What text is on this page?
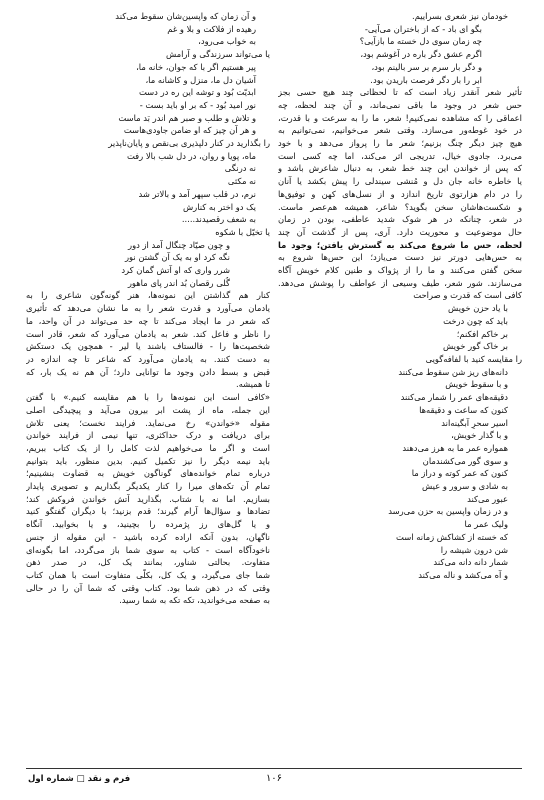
خودمان نیز شعری بسراییم.
بگو ای باد - که از باختران می‌آیی-
چه زمان سوی دل خسته ما بازآیی؟
اگرم عشق دگر باره در آغوشم بود،
و دگر بار سرم بر سر بالینم بود،
ابر را بار دگر فرصت باریدن بود.
تأثیر شعر آنقدر زیاد است که تا لحظاتی چند هیچ حسی بجز
حس شعر در وجود ما باقی نمی‌ماند، و آن چند لحظه، چه
اعماقی را که مشاهده نمی‌کنیم! شعر، ما را به سرعت و با قدرت،
در خود غوطه‌ور می‌سازد. وقتی شعر می‌خوانیم، نمی‌توانیم به
هیچ چیز دیگر چنگ بزنیم؛ شعر ما را پرواز می‌دهد و با خود
می‌برد. جادوی خیال، تدریجی اثر می‌کند، اما چه کسی است
که پس از خواندن این چند خط شعر، به دنبال شاعرش باشد و
یا خاطره خانه جان دل و مُنشی سیندلی را پیش بکشد یا آنان
را در دام هزارتوی تاریخ اندازد و از نسل‌های کهن و توفیق‌ها
و شکست‌هاشان سخن بگوید؟ شاعر، همیشه هم‌عصر ماست.
در شعر، چنانکه در هر شوک شدید عاطفی، بودن در زمان
حال موضوعیت و محوریت دارد. آری، پس از گذشت آن چند
لحظه، حس ما شروع می‌کند به گسترش یافتن؛ وجود ما
به حس‌هایی دورتر نیز دست می‌یازد؛ این حس‌ها شروع به
سخن گفتن می‌کنند و ما را از پژواک و طنین کلام خویش آگاه
می‌سازند. شور شعر، طیف وسیعی از عواطف را پوشش می‌دهد.
کافی است که قدرت و صراحت
با یاد حزن خویش
باید که چون درخت
بر خاکم افکنم؛
بر خاک گور خویش
را مقایسه کنید با لفافه‌گویی
دانه‌های ریز شن سقوط می‌کنند
و با سقوط خویش
دقیقه‌های عمر را شمار می‌کنند
کنون که ساعت و دقیقه‌ها
اسیر سحرِ آبگینه‌اند
و با گذار خویش،
همواره عمر ما به هرز می‌دهند
و سوی گور می‌کشندمان
کنون که عمر کوته و دراز ما
به شادی و سرور و عیش
عبور می‌کند
و در زمان واپسین به حزن می‌رسد
ولیک عمر ما
که خسته از کشاکش زمانه است
شن درون شیشه را
شمار دانه دانه می‌کند
و آه می‌کشد و ناله می‌کند
و آن زمان که واپسین‌شان سقوط می‌کند
رهیده از فلاکت و بلا و غم
به خواب می‌رود،
یا می‌تواند سرزندگی و آرامش
پیر هستیم اگر با که جوان، خانه ما،
آشیان دل ما، منزل و کاشانه ما،
ابدیّت بُود و توشه این ره در دست
نور امید بُود - که بر او باید بست -
و تلاش و طلب و صبر هم اندر بَد ماست
و هر آن چیز که او ضامن جاودی‌هاست
را بگذارید در کنار دلپذیری بی‌نقص و پایان‌ناپذیر
ماه، پویا و روان، در دل شب بالا رفت
نه درنگی
نه مکثی
نرم، در قلب سپهر آمد و بالاتر شد
یک دو اختر به کنارش
به شعف رقصیدند.....
یا تخیّل با شکوه
و چون صیّاد چنگال آمد از دور
نگه کرد او به یک آن گشتن نور
شرر واری که او آتش گمان کرد
گُلی رقصان بُد اندر پای ماهور
کنار هم گذاشتن این نمونه‌ها، هنر گونه‌گون شاعری را به
یادمان می‌آورد و قدرت شعر را به ما نشان می‌دهد که تأثیری
که شعر در ما ایجاد می‌کند تا چه حد می‌تواند در آن واحد، ما
را ناظر و فاعل کند. شعر به یادمان می‌آورد که شعر، قادر است
شخصیت‌ها را - فالستاف باشند یا لیر - همچون یک دستکش
به دست کنند. به یادمان می‌آورد که شاعر تا چه اندازه در
قبض و بسط دادن وجود ما توانایی دارد؛ آن هم نه یک بار، که
تا همیشه.
«کافی است این نمونه‌ها را با هم مقایسه کنیم.» با گفتن
این جمله، ماه از پشت ابر بیرون می‌آید و پیچیدگی اصلی
مقوله «خواندن» رخ می‌نماید. فرایند نخست؛ یعنی تلاش
برای دریافت و درک حداکثری، تنها نیمی از فرایند خواندن
است و اگر ما می‌خواهیم لذت کامل را از یک کتاب ببریم،
باید نیمه دیگر را نیز تکمیل کنیم. بدین منظور، باید بتوانیم
درباره تمام خوانده‌های گوناگون خویش به قضاوت بنشینیم؛
تمام آن تکه‌های میرا را کنار یکدیگر بگذاریم و تصویری پایدار
بسازیم. اما نه با شتاب. بگذارید آتش خواندن فروکش کند؛
تضادها و سؤال‌ها آرام گیرند؛ قدم بزنید؛ با دیگران گفتگو کنید
و یا گل‌های رز پژمرده را بچینید، و یا بخوابید. آنگاه
ناگهان، بدون آنکه اراده کرده باشید - این مقوله از جنس
ناخودآگاه است - کتاب به سوی شما باز می‌گردد، اما بگونه‌ای
متفاوت. بحالتی شناور، بمانند یک کل، در صدر ذهن
شما جای می‌گیرد، و یک کل، بکلّی متفاوت است با همان کتاب
وقتی که در ذهن شما بود. کتاب وقتی که شما آن را در حالی
به صفحه می‌خواندید، تکه تکه به شما رسید.
فرم و نقد □ شماره اول	۱۰۶
